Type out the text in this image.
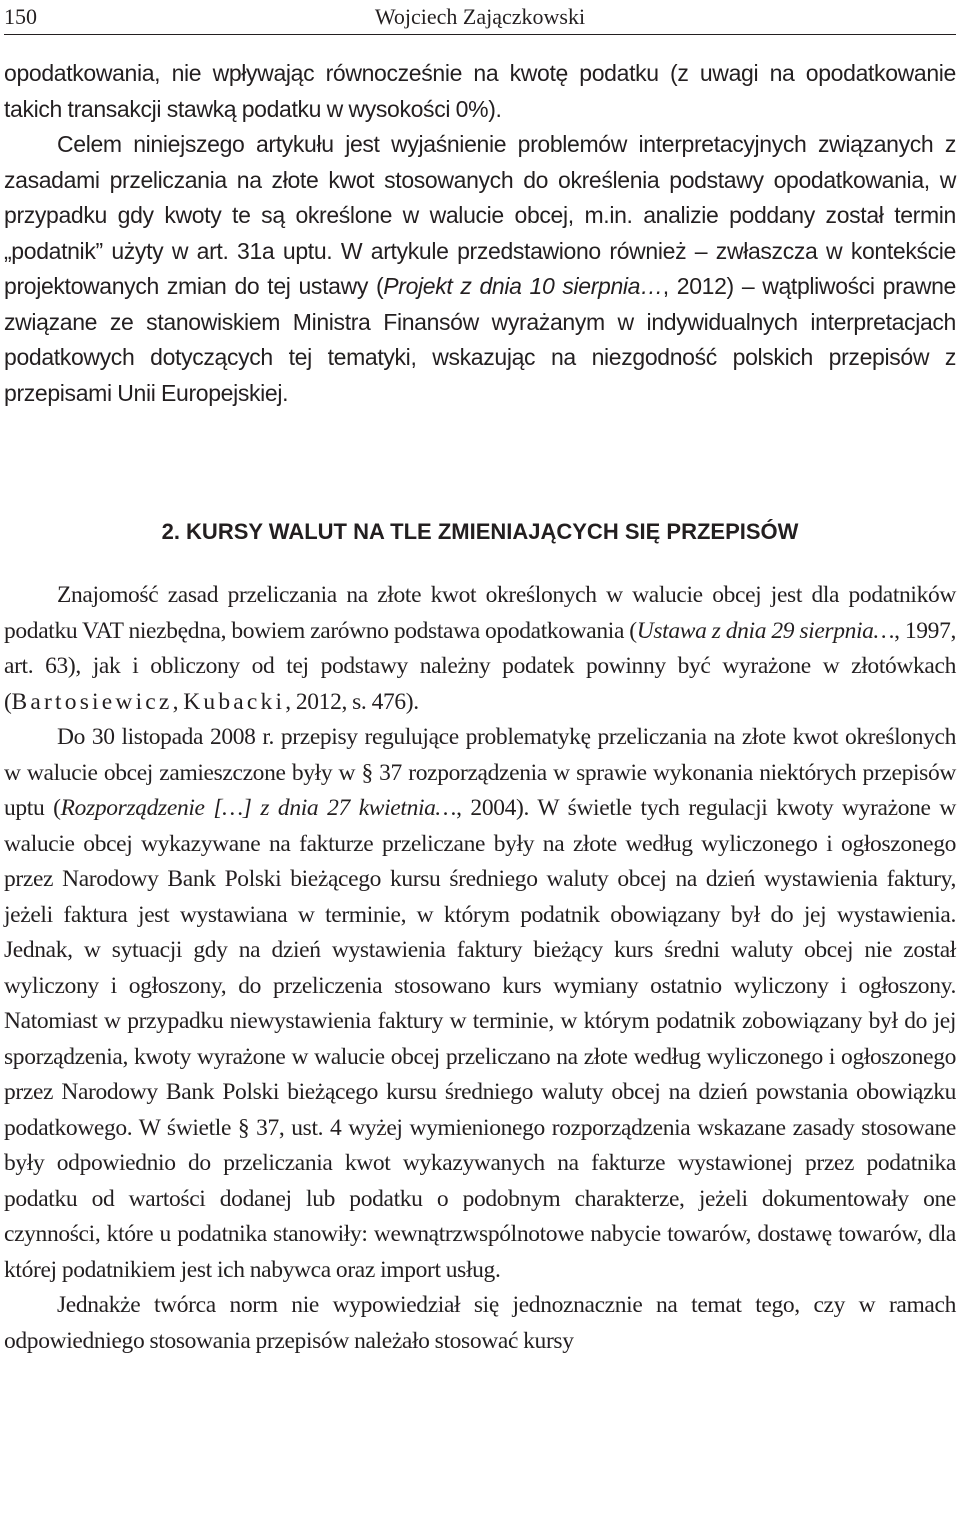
150	Wojciech Zajączkowski

opodatkowania, nie wpływając równocześnie na kwotę podatku (z uwagi na opodatkowanie takich transakcji stawką podatku w wysokości 0%).

Celem niniejszego artykułu jest wyjaśnienie problemów interpretacyjnych związanych z zasadami przeliczania na złote kwot stosowanych do określenia podstawy opodatkowania, w przypadku gdy kwoty te są określone w walucie obcej, m.in. analizie poddany został termin „podatnik” użyty w art. 31a uptu. W artykule przedstawiono również – zwłaszcza w kontekście projektowanych zmian do tej ustawy (Projekt z dnia 10 sierpnia…, 2012) – wątpliwości prawne związane ze stanowiskiem Ministra Finansów wyrażanym w indywidualnych interpretacjach podatkowych dotyczących tej tematyki, wskazując na niezgodność polskich przepisów z przepisami Unii Europejskiej.

2. KURSY WALUT NA TLE ZMIENIAJĄCYCH SIĘ PRZEPISÓW

Znajomość zasad przeliczania na złote kwot określonych w walucie obcej jest dla podatników podatku VAT niezbędna, bowiem zarówno podstawa opodatkowania (Ustawa z dnia 29 sierpnia…, 1997, art. 63), jak i obliczony od tej podstawy należny podatek powinny być wyrażone w złotówkach (Bartosiewicz, Kubacki, 2012, s. 476).

Do 30 listopada 2008 r. przepisy regulujące problematykę przeliczania na złote kwot określonych w walucie obcej zamieszczone były w § 37 rozporządzenia w sprawie wykonania niektórych przepisów uptu (Rozporządzenie […] z dnia 27 kwietnia…, 2004). W świetle tych regulacji kwoty wyrażone w walucie obcej wykazywane na fakturze przeliczane były na złote według wyliczonego i ogłoszonego przez Narodowy Bank Polski bieżącego kursu średniego waluty obcej na dzień wystawienia faktury, jeżeli faktura jest wystawiana w terminie, w którym podatnik obowiązany był do jej wystawienia. Jednak, w sytuacji gdy na dzień wystawienia faktury bieżący kurs średni waluty obcej nie został wyliczony i ogłoszony, do przeliczenia stosowano kurs wymiany ostatnio wyliczony i ogłoszony. Natomiast w przypadku niewystawienia faktury w terminie, w którym podatnik zobowiązany był do jej sporządzenia, kwoty wyrażone w walucie obcej przeliczano na złote według wyliczonego i ogłoszonego przez Narodowy Bank Polski bieżącego kursu średniego waluty obcej na dzień powstania obowiązku podatkowego. W świetle § 37, ust. 4 wyżej wymienionego rozporządzenia wskazane zasady stosowane były odpowiednio do przeliczania kwot wykazywanych na fakturze wystawionej przez podatnika podatku od wartości dodanej lub podatku o podobnym charakterze, jeżeli dokumentowały one czynności, które u podatnika stanowiły: wewnątrzwspólnotowe nabycie towarów, dostawę towarów, dla której podatnikiem jest ich nabywca oraz import usług.

Jednakże twórca norm nie wypowiedział się jednoznacznie na temat tego, czy w ramach odpowiedniego stosowania przepisów należało stosować kursy
